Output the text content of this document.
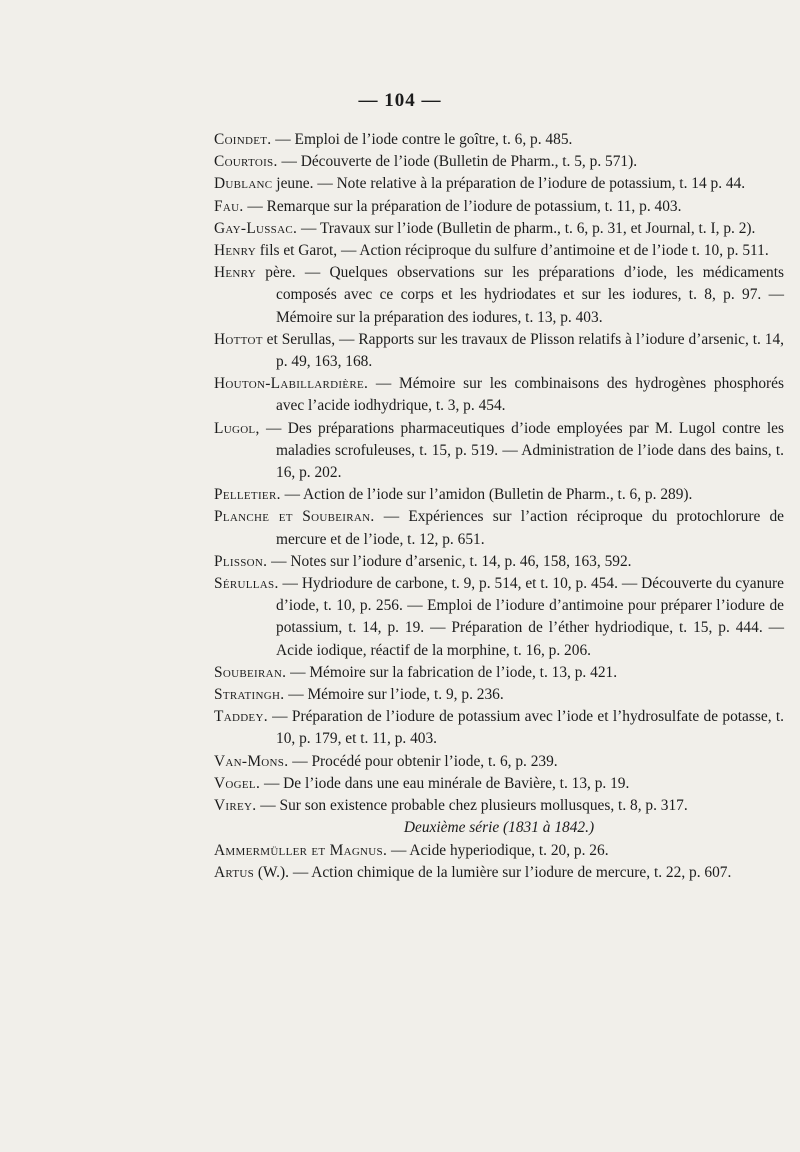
— 104 —
Coindet. — Emploi de l’iode contre le goître, t. 6, p. 485.
Courtois. — Découverte de l’iode (Bulletin de Pharm., t. 5, p. 571).
Dublanc jeune. — Note relative à la préparation de l’iodure de potassium, t. 14 p. 44.
Fau. — Remarque sur la préparation de l’iodure de potassium, t. 11, p. 403.
Gay-Lussac. — Travaux sur l’iode (Bulletin de pharm., t. 6, p. 31, et Journal, t. I, p. 2).
Henry fils et Garot, — Action réciproque du sulfure d’antimoine et de l’iode t. 10, p. 511.
Henry père. — Quelques observations sur les préparations d’iode, les médicaments composés avec ce corps et les hydriodates et sur les iodures, t. 8, p. 97. — Mémoire sur la préparation des iodures, t. 13, p. 403.
Hottot et Serullas, — Rapports sur les travaux de Plisson relatifs à l’iodure d’arsenic, t. 14, p. 49, 163, 168.
Houton-Labillardière. — Mémoire sur les combinaisons des hydrogènes phosphorés avec l’acide iodhydrique, t. 3, p. 454.
Lugol, — Des préparations pharmaceutiques d’iode employées par M. Lugol contre les maladies scrofuleuses, t. 15, p. 519. — Administration de l’iode dans des bains, t. 16, p. 202.
Pelletier. — Action de l’iode sur l’amidon (Bulletin de Pharm., t. 6, p. 289).
Planche et Soubeiran. — Expériences sur l’action réciproque du protochlorure de mercure et de l’iode, t. 12, p. 651.
Plisson. — Notes sur l’iodure d’arsenic, t. 14, p. 46, 158, 163, 592.
Sérullas. — Hydriodure de carbone, t. 9, p. 514, et t. 10, p. 454. — Découverte du cyanure d’iode, t. 10, p. 256. — Emploi de l’iodure d’antimoine pour préparer l’iodure de potassium, t. 14, p. 19. — Préparation de l’éther hydriodique, t. 15, p. 444. — Acide iodique, réactif de la morphine, t. 16, p. 206.
Soubeiran. — Mémoire sur la fabrication de l’iode, t. 13, p. 421.
Stratingh. — Mémoire sur l’iode, t. 9, p. 236.
Taddey. — Préparation de l’iodure de potassium avec l’iode et l’hydrosulfate de potasse, t. 10, p. 179, et t. 11, p. 403.
Van-Mons. — Procédé pour obtenir l’iode, t. 6, p. 239.
Vogel. — De l’iode dans une eau minérale de Bavière, t. 13, p. 19.
Virey. — Sur son existence probable chez plusieurs mollusques, t. 8, p. 317.

Deuxième série (1831 à 1842.)

Ammermüller et Magnus. — Acide hyperiodique, t. 20, p. 26.
Artus (W.). — Action chimique de la lumière sur l’iodure de mercure, t. 22, p. 607.
